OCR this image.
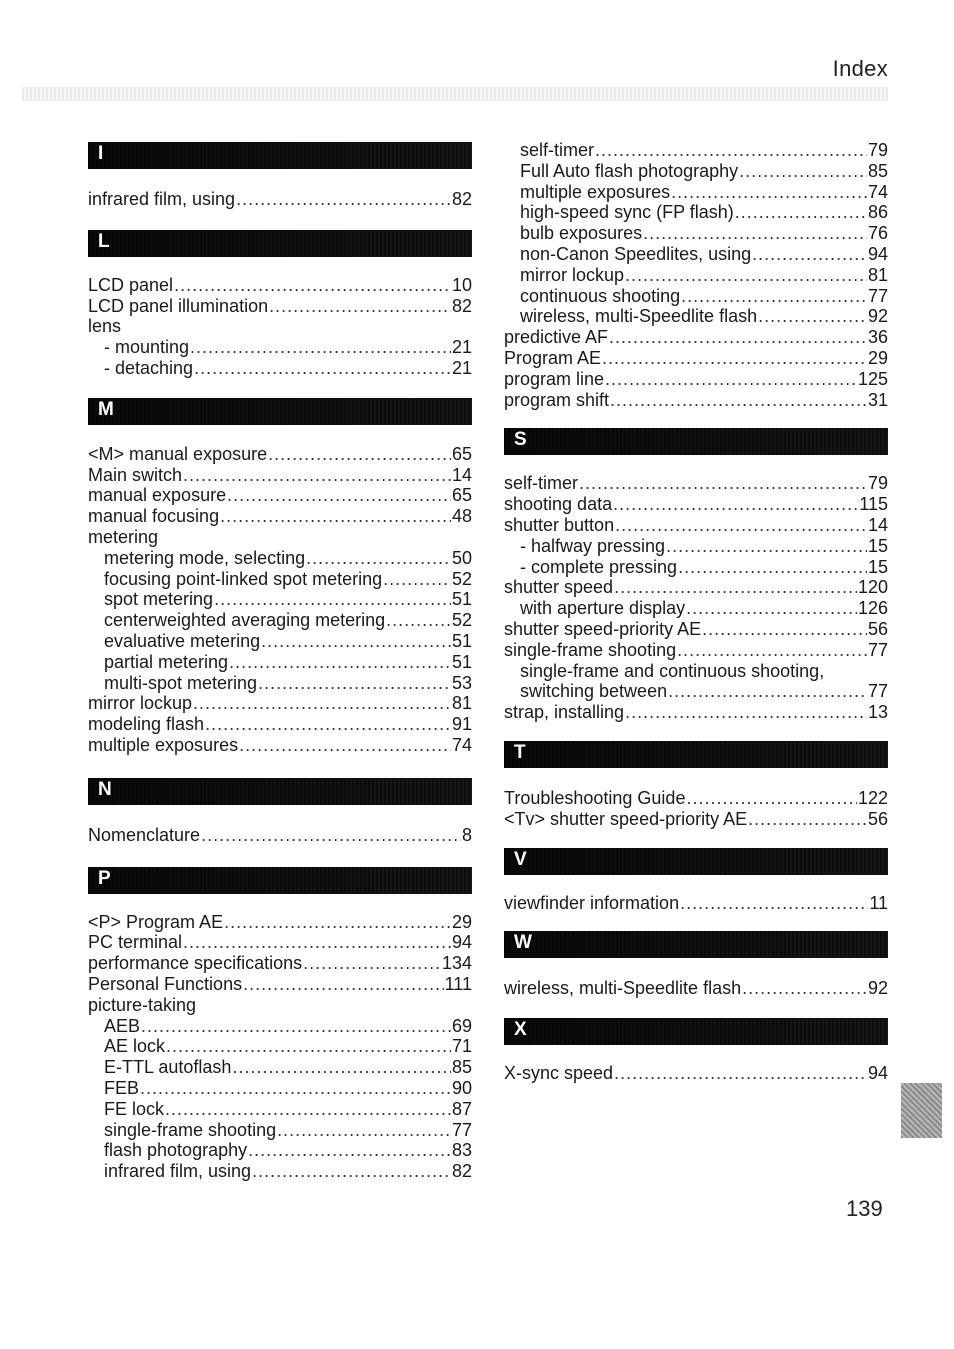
Index
I
infrared film, using .....	82
L
LCD panel .....	10
LCD panel illumination .....	82
lens
- mounting .....	21
- detaching .....	21
M
<M> manual exposure .....	65
Main switch .....	14
manual exposure .....	65
manual focusing .....	48
metering
metering mode, selecting .....	50
focusing point-linked spot metering .....	52
spot metering .....	51
centerweighted averaging metering .....	52
evaluative metering .....	51
partial metering .....	51
multi-spot metering .....	53
mirror lockup .....	81
modeling flash .....	91
multiple exposures .....	74
N
Nomenclature .....	8
P
<P> Program AE .....	29
PC terminal .....	94
performance specifications .....	134
Personal Functions .....	111
picture-taking
AEB .....	69
AE lock .....	71
E-TTL autoflash .....	85
FEB .....	90
FE lock .....	87
single-frame shooting .....	77
flash photography .....	83
infrared film, using .....	82
self-timer .....	79
Full Auto flash photography .....	85
multiple exposures .....	74
high-speed sync (FP flash) .....	86
bulb exposures .....	76
non-Canon Speedlites, using .....	94
mirror lockup .....	81
continuous shooting .....	77
wireless, multi-Speedlite flash .....	92
predictive AF .....	36
Program AE .....	29
program line .....	125
program shift .....	31
S
self-timer .....	79
shooting data .....	115
shutter button .....	14
- halfway pressing .....	15
- complete pressing .....	15
shutter speed .....	120
with aperture display .....	126
shutter speed-priority AE .....	56
single-frame shooting .....	77
single-frame and continuous shooting,
switching between .....	77
strap, installing .....	13
T
Troubleshooting Guide .....	122
<Tv> shutter speed-priority AE .....	56
V
viewfinder information .....	11
W
wireless, multi-Speedlite flash .....	92
X
X-sync speed .....	94
139
